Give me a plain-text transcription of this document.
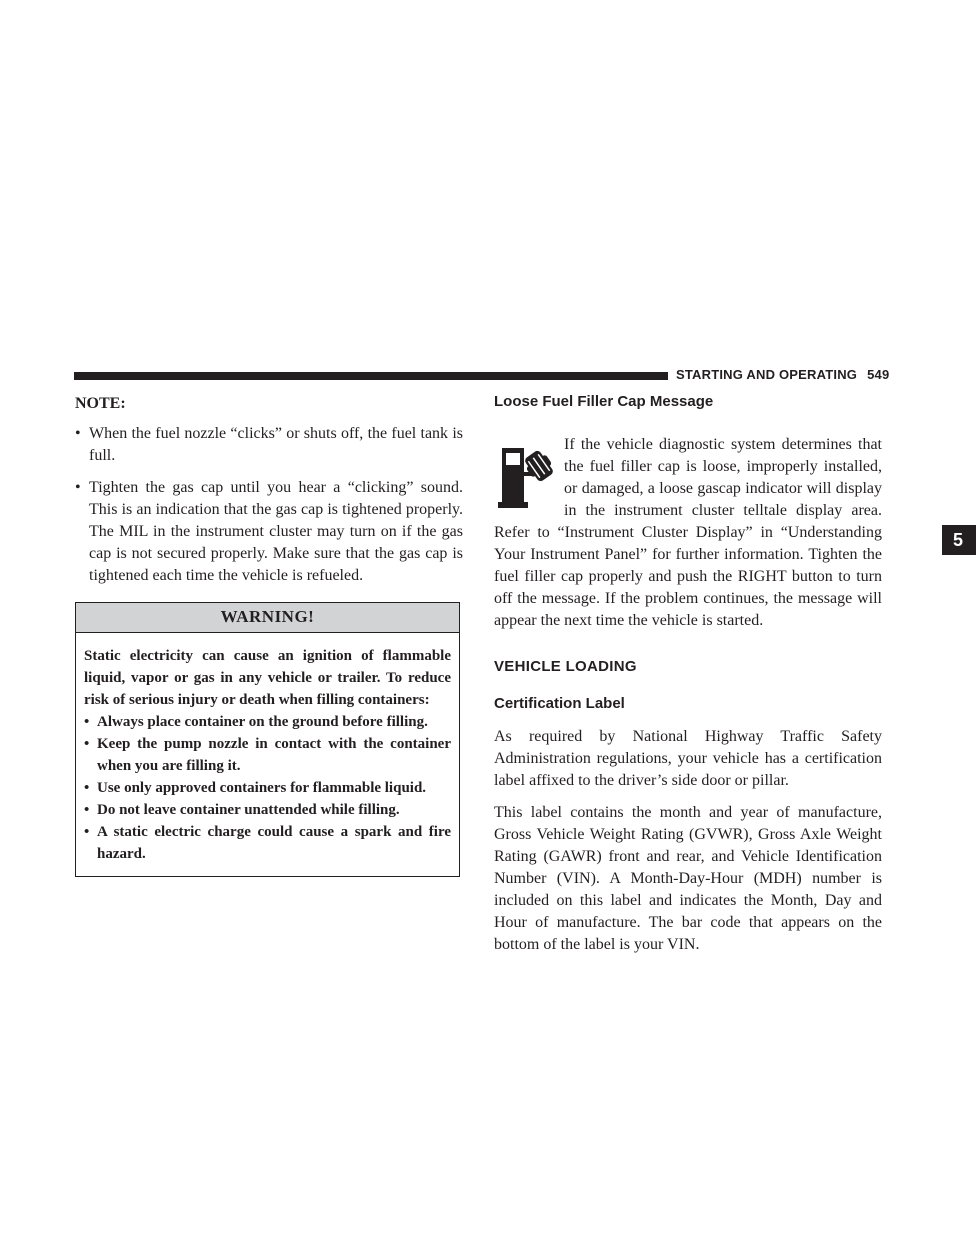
STARTING AND OPERATING 549
5
NOTE:
• When the fuel nozzle “clicks” or shuts off, the fuel tank is full.
• Tighten the gas cap until you hear a “clicking” sound. This is an indication that the gas cap is tightened properly. The MIL in the instrument cluster may turn on if the gas cap is not secured properly. Make sure that the gas cap is tightened each time the vehicle is refueled.
WARNING!
Static electricity can cause an ignition of flammable liquid, vapor or gas in any vehicle or trailer. To reduce risk of serious injury or death when filling containers:
• Always place container on the ground before filling.
• Keep the pump nozzle in contact with the container when you are filling it.
• Use only approved containers for flammable liquid.
• Do not leave container unattended while filling.
• A static electric charge could cause a spark and fire hazard.
Loose Fuel Filler Cap Message

If the vehicle diagnostic system determines that the fuel filler cap is loose, improperly installed, or damaged, a loose gascap indicator will display in the instrument cluster telltale display area. Refer to “Instrument Cluster Display” in “Understanding Your Instrument Panel” for further information. Tighten the fuel filler cap properly and push the RIGHT button to turn off the message. If the problem continues, the message will appear the next time the vehicle is started.

VEHICLE LOADING
Certification Label

As required by National Highway Traffic Safety Administration regulations, your vehicle has a certification label affixed to the driver’s side door or pillar.

This label contains the month and year of manufacture, Gross Vehicle Weight Rating (GVWR), Gross Axle Weight Rating (GAWR) front and rear, and Vehicle Identification Number (VIN). A Month-Day-Hour (MDH) number is included on this label and indicates the Month, Day and Hour of manufacture. The bar code that appears on the bottom of the label is your VIN.
